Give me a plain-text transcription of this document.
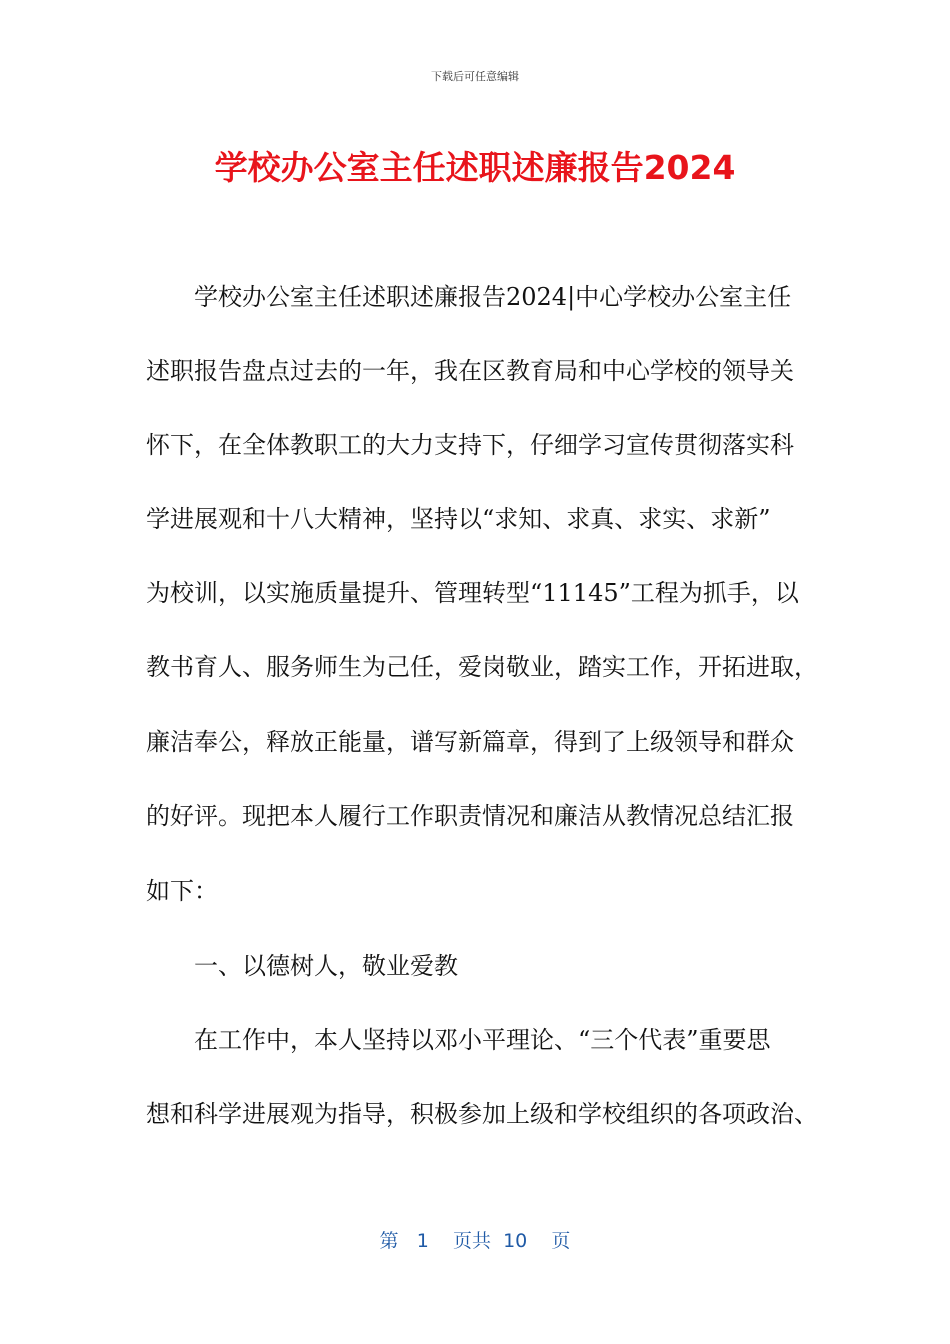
下载后可任意编辑
学校办公室主任述职述廉报告2024
学校办公室主任述职述廉报告2024|中心学校办公室主任
述职报告盘点过去的一年，我在区教育局和中心学校的领导关
怀下，在全体教职工的大力支持下，仔细学习宣传贯彻落实科
学进展观和十八大精神，坚持以“求知、求真、求实、求新”
为校训，以实施质量提升、管理转型“11145”工程为抓手，以
教书育人、服务师生为己任，爱岗敬业，踏实工作，开拓进取，
廉洁奉公，释放正能量，谱写新篇章，得到了上级领导和群众
的好评。现把本人履行工作职责情况和廉洁从教情况总结汇报
如下：
一、以德树人，敬业爱教
在工作中，本人坚持以邓小平理论、“三个代表”重要思
想和科学进展观为指导，积极参加上级和学校组织的各项政治、
第 1 页共 10 页
